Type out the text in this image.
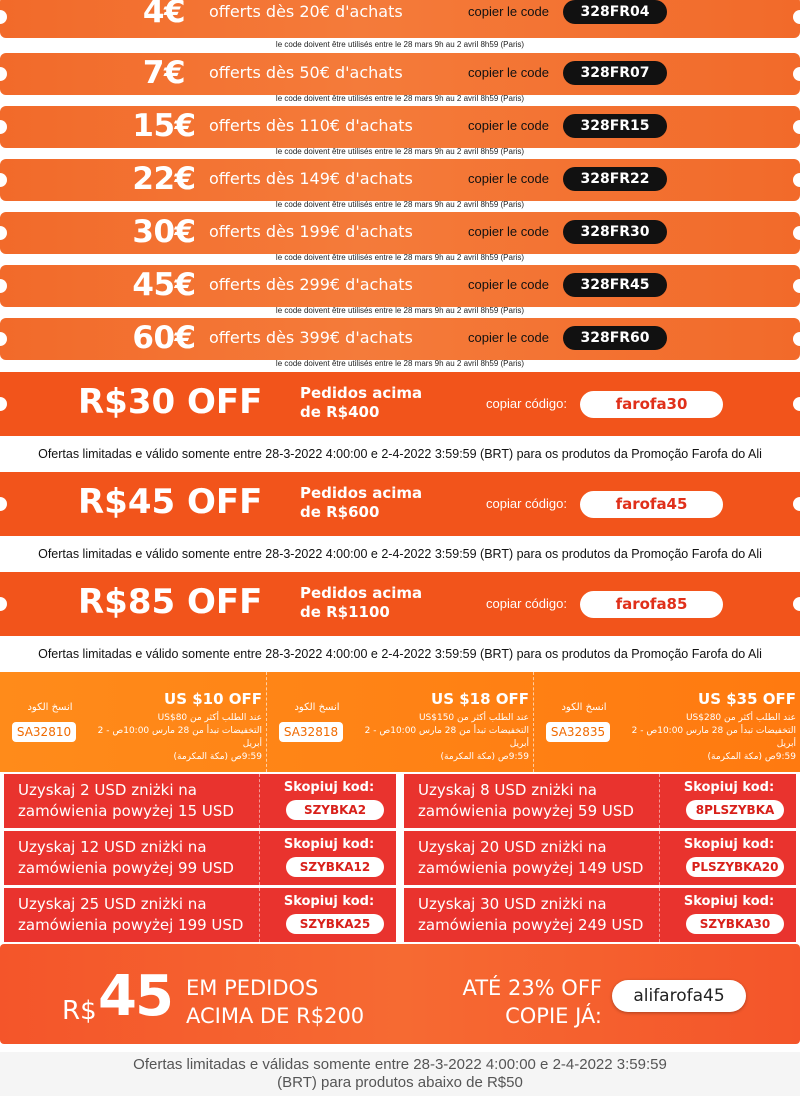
4€	offerts dès 20€ d'achats	copier le code	328FR04
le code doivent être utilisés entre le 28 mars 9h au 2 avril 8h59 (Paris)
7€	offerts dès 50€ d'achats	copier le code	328FR07
le code doivent être utilisés entre le 28 mars 9h au 2 avril 8h59 (Paris)
15€ offerts dès 110€ d'achats	copier le code	328FR15
le code doivent être utilisés entre le 28 mars 9h au 2 avril 8h59 (Paris)
22€ offerts dès 149€ d'achats	copier le code	328FR22
le code doivent être utilisés entre le 28 mars 9h au 2 avril 8h59 (Paris)
30€ offerts dès 199€ d'achats	copier le code	328FR30
le code doivent être utilisés entre le 28 mars 9h au 2 avril 8h59 (Paris)
45€ offerts dès 299€ d'achats	copier le code	328FR45
le code doivent être utilisés entre le 28 mars 9h au 2 avril 8h59 (Paris)
60€ offerts dès 399€ d'achats	copier le code	328FR60
le code doivent être utilisés entre le 28 mars 9h au 2 avril 8h59 (Paris)
R$30 OFF	Pedidos acima
de R$400	copiar código:	farofa30
Ofertas limitadas e válido somente entre 28-3-2022 4:00:00 e 2-4-2022 3:59:59 (BRT) para os produtos da Promoção Farofa do Ali
R$45 OFF	Pedidos acima
de R$600	copiar código:	farofa45
Ofertas limitadas e válido somente entre 28-3-2022 4:00:00 e 2-4-2022 3:59:59 (BRT) para os produtos da Promoção Farofa do Ali
R$85 OFF	Pedidos acima
de R$1100	copiar código:	farofa85
Ofertas limitadas e válido somente entre 28-3-2022 4:00:00 e 2-4-2022 3:59:59 (BRT) para os produtos da Promoção Farofa do Ali
انسخ الكود
SA32810
US $10 OFF
عند الطلب أكثر من US$80
التخفيضات تبدأ من 28 مارس 10:00ص - 2 أبريل
9:59ص (مكة المكرمة)
انسخ الكود
SA32818
US $18 OFF
عند الطلب أكثر من US$150
التخفيضات تبدأ من 28 مارس 10:00ص - 2 أبريل
9:59ص (مكة المكرمة)
انسخ الكود
SA32835
US $35 OFF
عند الطلب أكثر من US$280
التخفيضات تبدأ من 28 مارس 10:00ص - 2 أبريل
9:59ص (مكة المكرمة)
Uzyskaj 2 USD zniżki na
zamówienia powyżej 15 USD
Skopiuj kod:
SZYBKA2
Uzyskaj 8 USD zniżki na
zamówienia powyżej 59 USD
Skopiuj kod:
8PLSZYBKA
Uzyskaj 12 USD zniżki na
zamówienia powyżej 99 USD
Skopiuj kod:
SZYBKA12
Uzyskaj 20 USD zniżki na
zamówienia powyżej 149 USD
Skopiuj kod:
PLSZYBKA20
Uzyskaj 25 USD zniżki na
zamówienia powyżej 199 USD
Skopiuj kod:
SZYBKA25
Uzyskaj 30 USD zniżki na
zamówienia powyżej 249 USD
Skopiuj kod:
SZYBKA30
R$ 45 EM PEDIDOS
ACIMA DE R$200
ATÉ 23% OFF
COPIE JÁ:
alifarofa45
Ofertas limitadas e válidas somente entre 28-3-2022 4:00:00 e 2-4-2022 3:59:59
(BRT) para produtos abaixo de R$50
